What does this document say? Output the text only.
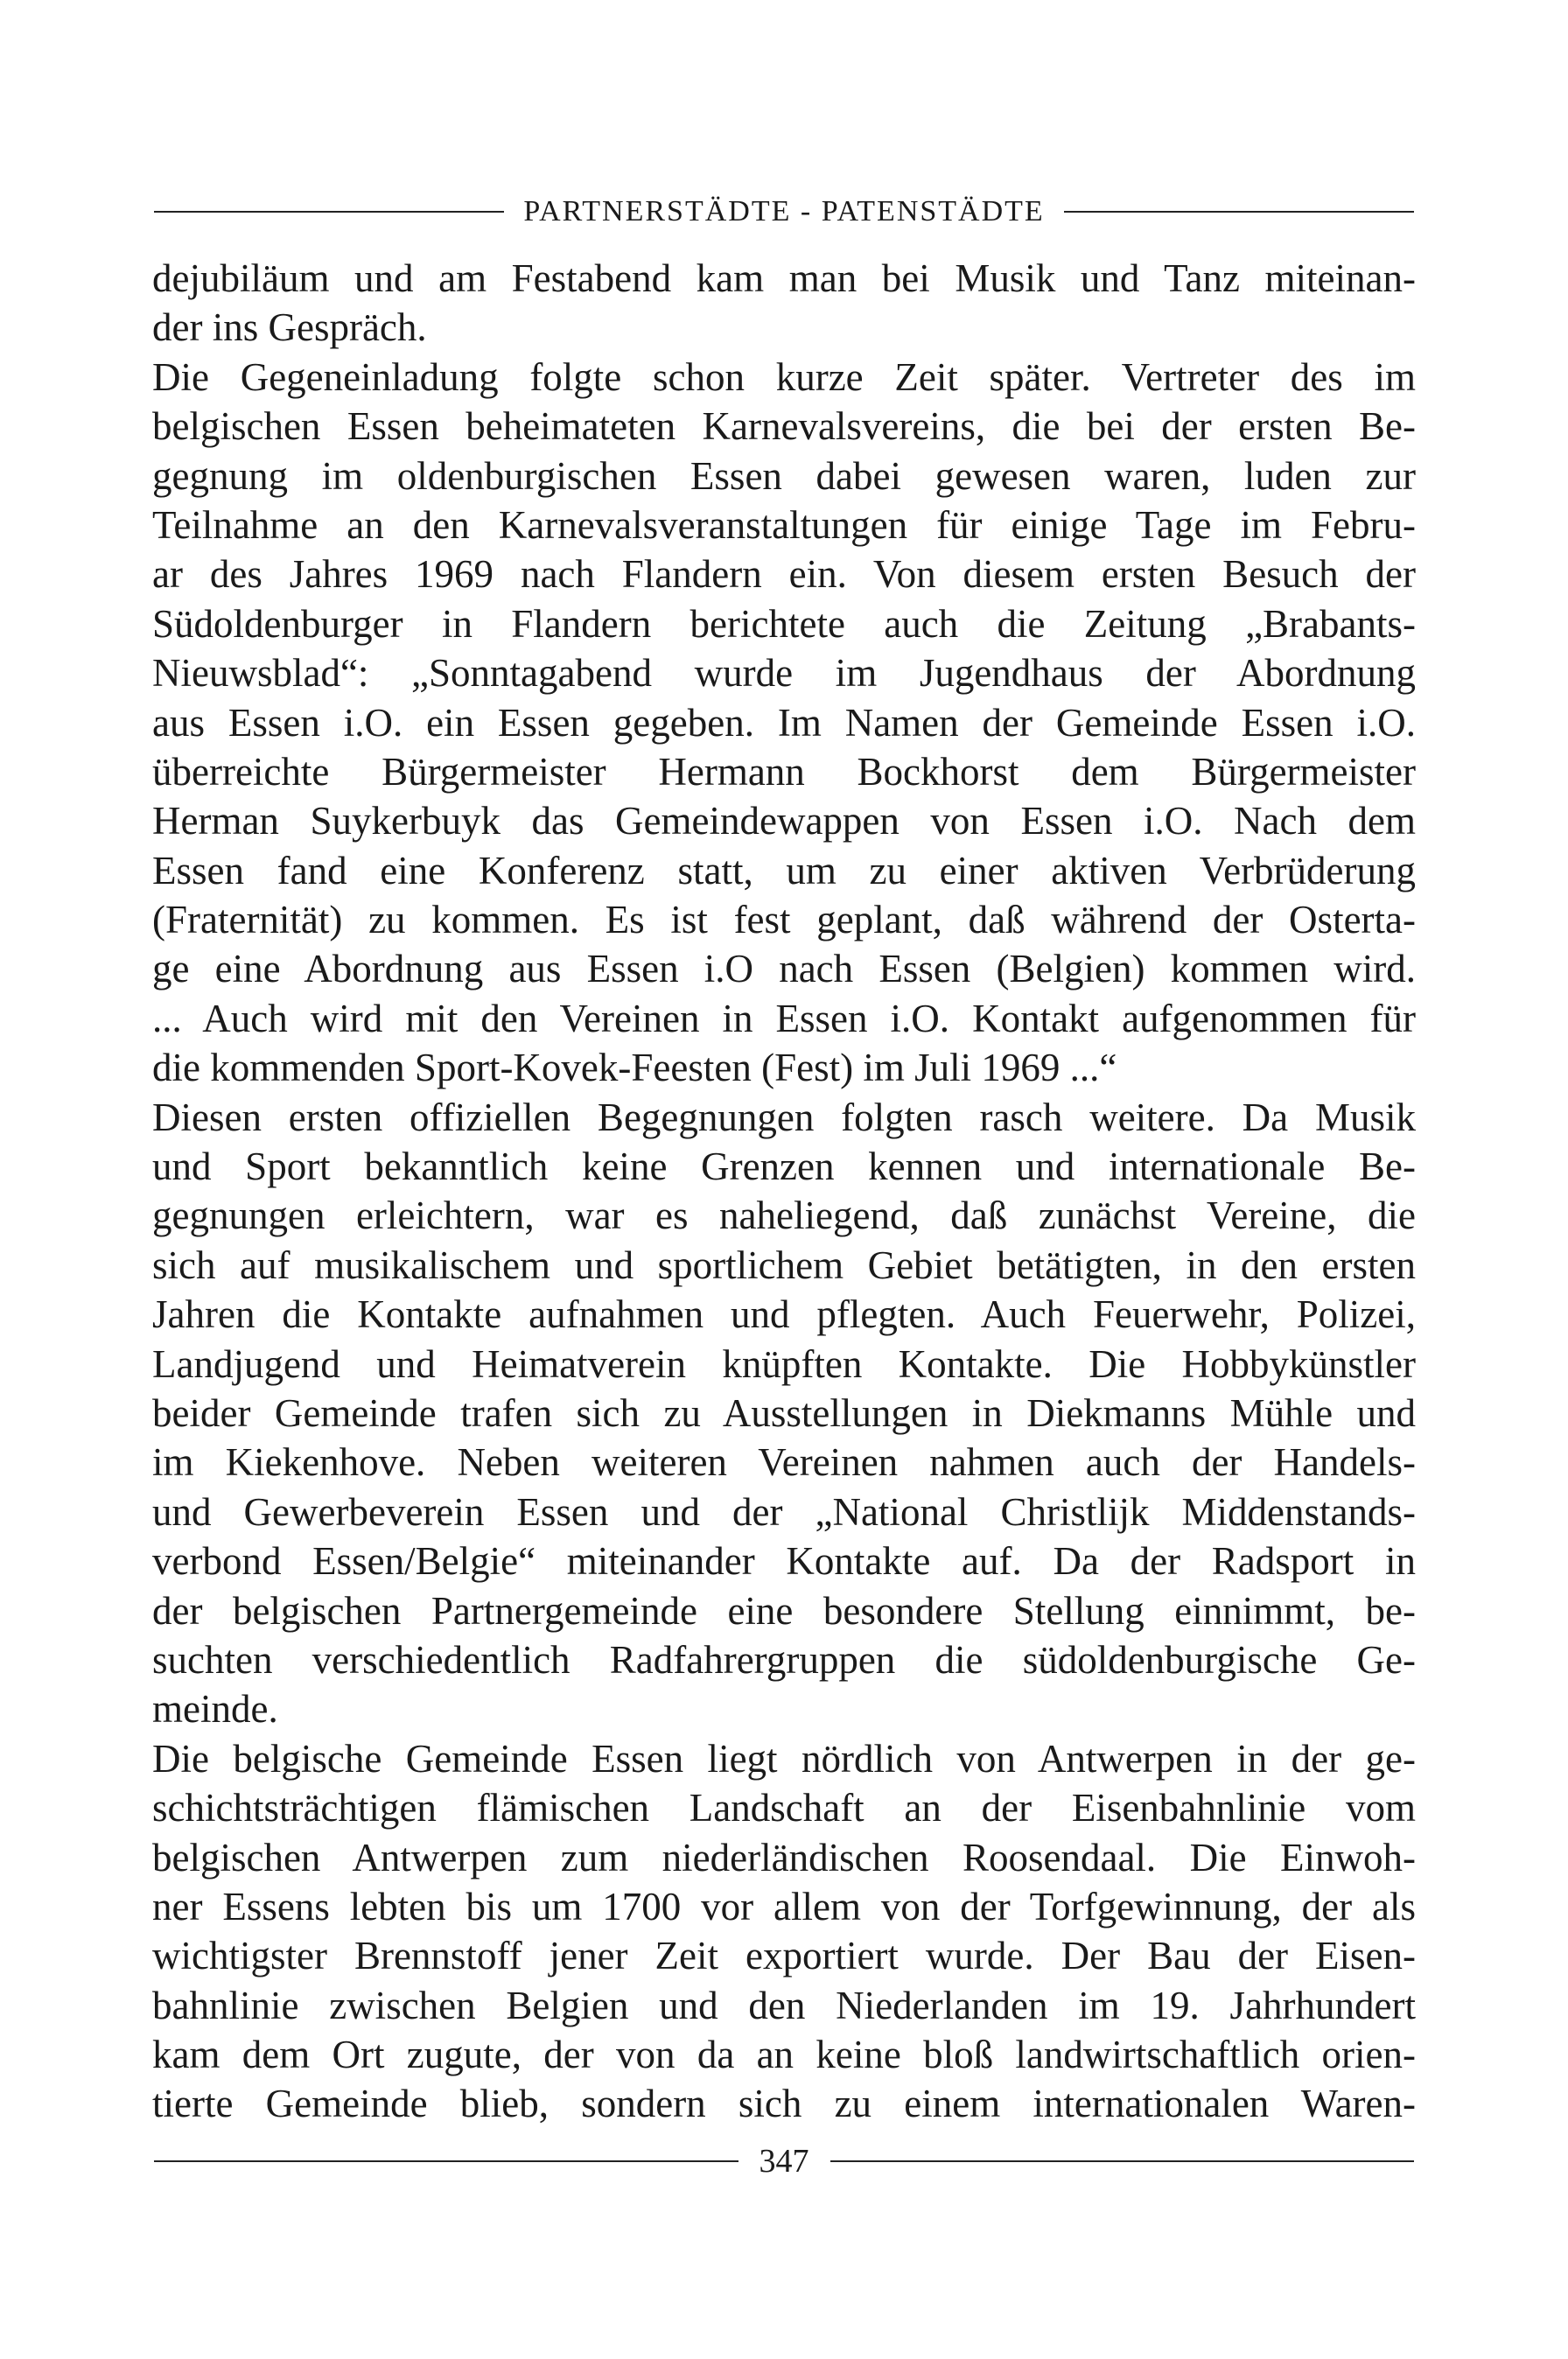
PARTNERSTÄDTE - PATENSTÄDTE
dejubiläum und am Festabend kam man bei Musik und Tanz miteinan-
der ins Gespräch.
Die Gegeneinladung folgte schon kurze Zeit später. Vertreter des im
belgischen Essen beheimateten Karnevalsvereins, die bei der ersten Be-
gegnung im oldenburgischen Essen dabei gewesen waren, luden zur
Teilnahme an den Karnevalsveranstaltungen für einige Tage im Febru-
ar des Jahres 1969 nach Flandern ein. Von diesem ersten Besuch der
Südoldenburger in Flandern berichtete auch die Zeitung „Brabants-
Nieuwsblad“: „Sonntagabend wurde im Jugendhaus der Abordnung
aus Essen i.O. ein Essen gegeben. Im Namen der Gemeinde Essen i.O.
überreichte Bürgermeister Hermann Bockhorst dem Bürgermeister
Herman Suykerbuyk das Gemeindewappen von Essen i.O. Nach dem
Essen fand eine Konferenz statt, um zu einer aktiven Verbrüderung
(Fraternität) zu kommen. Es ist fest geplant, daß während der Osterta-
ge eine Abordnung aus Essen i.O nach Essen (Belgien) kommen wird.
... Auch wird mit den Vereinen in Essen i.O. Kontakt aufgenommen für
die kommenden Sport-Kovek-Feesten (Fest) im Juli 1969 ...“
Diesen ersten offiziellen Begegnungen folgten rasch weitere. Da Musik
und Sport bekanntlich keine Grenzen kennen und internationale Be-
gegnungen erleichtern, war es naheliegend, daß zunächst Vereine, die
sich auf musikalischem und sportlichem Gebiet betätigten, in den ersten
Jahren die Kontakte aufnahmen und pflegten. Auch Feuerwehr, Polizei,
Landjugend und Heimatverein knüpften Kontakte. Die Hobbykünstler
beider Gemeinde trafen sich zu Ausstellungen in Diekmanns Mühle und
im Kiekenhove. Neben weiteren Vereinen nahmen auch der Handels-
und Gewerbeverein Essen und der „National Christlijk Middenstands-
verbond Essen/Belgie“ miteinander Kontakte auf. Da der Radsport in
der belgischen Partnergemeinde eine besondere Stellung einnimmt, be-
suchten verschiedentlich Radfahrergruppen die südoldenburgische Ge-
meinde.
Die belgische Gemeinde Essen liegt nördlich von Antwerpen in der ge-
schichtsträchtigen flämischen Landschaft an der Eisenbahnlinie vom
belgischen Antwerpen zum niederländischen Roosendaal. Die Einwoh-
ner Essens lebten bis um 1700 vor allem von der Torfgewinnung, der als
wichtigster Brennstoff jener Zeit exportiert wurde. Der Bau der Eisen-
bahnlinie zwischen Belgien und den Niederlanden im 19. Jahrhundert
kam dem Ort zugute, der von da an keine bloß landwirtschaftlich orien-
tierte Gemeinde blieb, sondern sich zu einem internationalen Waren-
347
